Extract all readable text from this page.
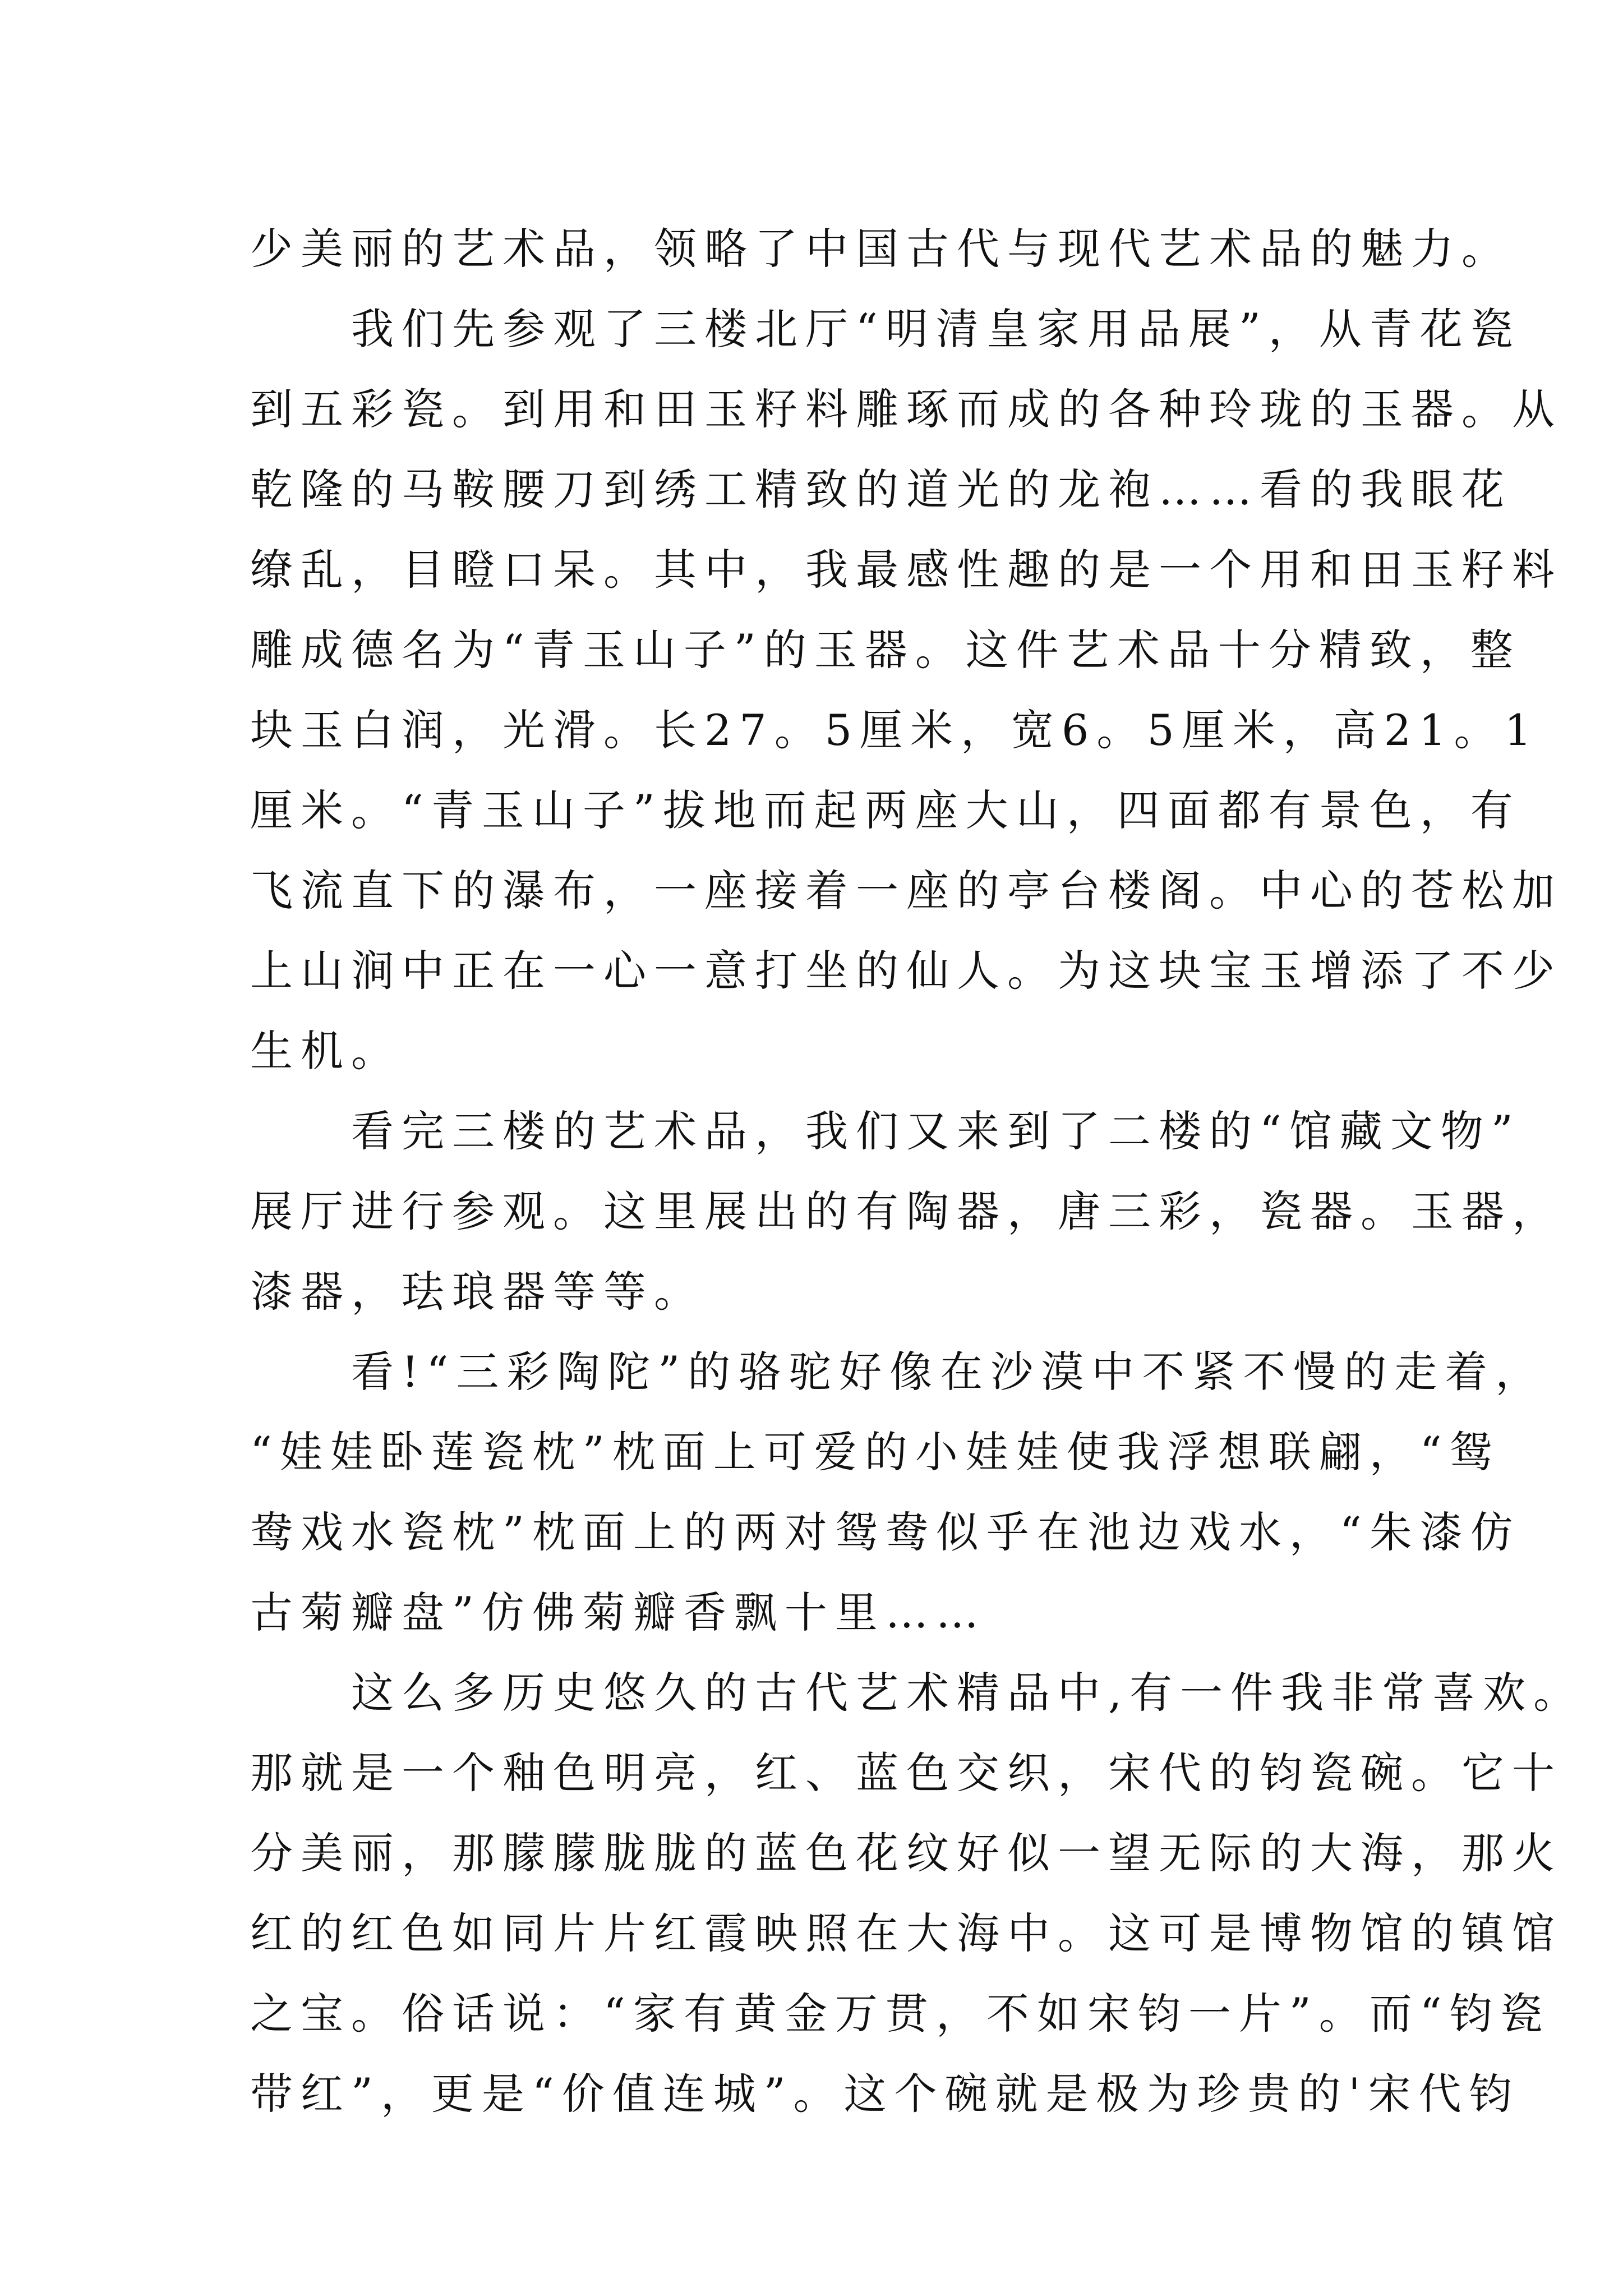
少美丽的艺术品，领略了中国古代与现代艺术品的魅力。
　　我们先参观了三楼北厅“明清皇家用品展”，从青花瓷
到五彩瓷。到用和田玉籽料雕琢而成的各种玲珑的玉器。从
乾隆的马鞍腰刀到绣工精致的道光的龙袍……看的我眼花
缭乱，目瞪口呆。其中，我最感性趣的是一个用和田玉籽料
雕成德名为“青玉山子”的玉器。这件艺术品十分精致，整
块玉白润，光滑。长27。5厘米，宽6。5厘米，高21。1
厘米。“青玉山子”拔地而起两座大山，四面都有景色，有
飞流直下的瀑布，一座接着一座的亭台楼阁。中心的苍松加
上山涧中正在一心一意打坐的仙人。为这块宝玉增添了不少
生机。
　　看完三楼的艺术品，我们又来到了二楼的“馆藏文物”
展厅进行参观。这里展出的有陶器，唐三彩，瓷器。玉器，
漆器，珐琅器等等。
　　看!“三彩陶陀”的骆驼好像在沙漠中不紧不慢的走着，
“娃娃卧莲瓷枕”枕面上可爱的小娃娃使我浮想联翩，“鸳
鸯戏水瓷枕”枕面上的两对鸳鸯似乎在池边戏水，“朱漆仿
古菊瓣盘”仿佛菊瓣香飘十里……
　　这么多历史悠久的古代艺术精品中,有一件我非常喜欢。
那就是一个釉色明亮，红、蓝色交织，宋代的钧瓷碗。它十
分美丽，那朦朦胧胧的蓝色花纹好似一望无际的大海，那火
红的红色如同片片红霞映照在大海中。这可是博物馆的镇馆
之宝。俗话说：“家有黄金万贯，不如宋钧一片”。而“钧瓷
带红”，更是“价值连城”。这个碗就是极为珍贵的'宋代钧
